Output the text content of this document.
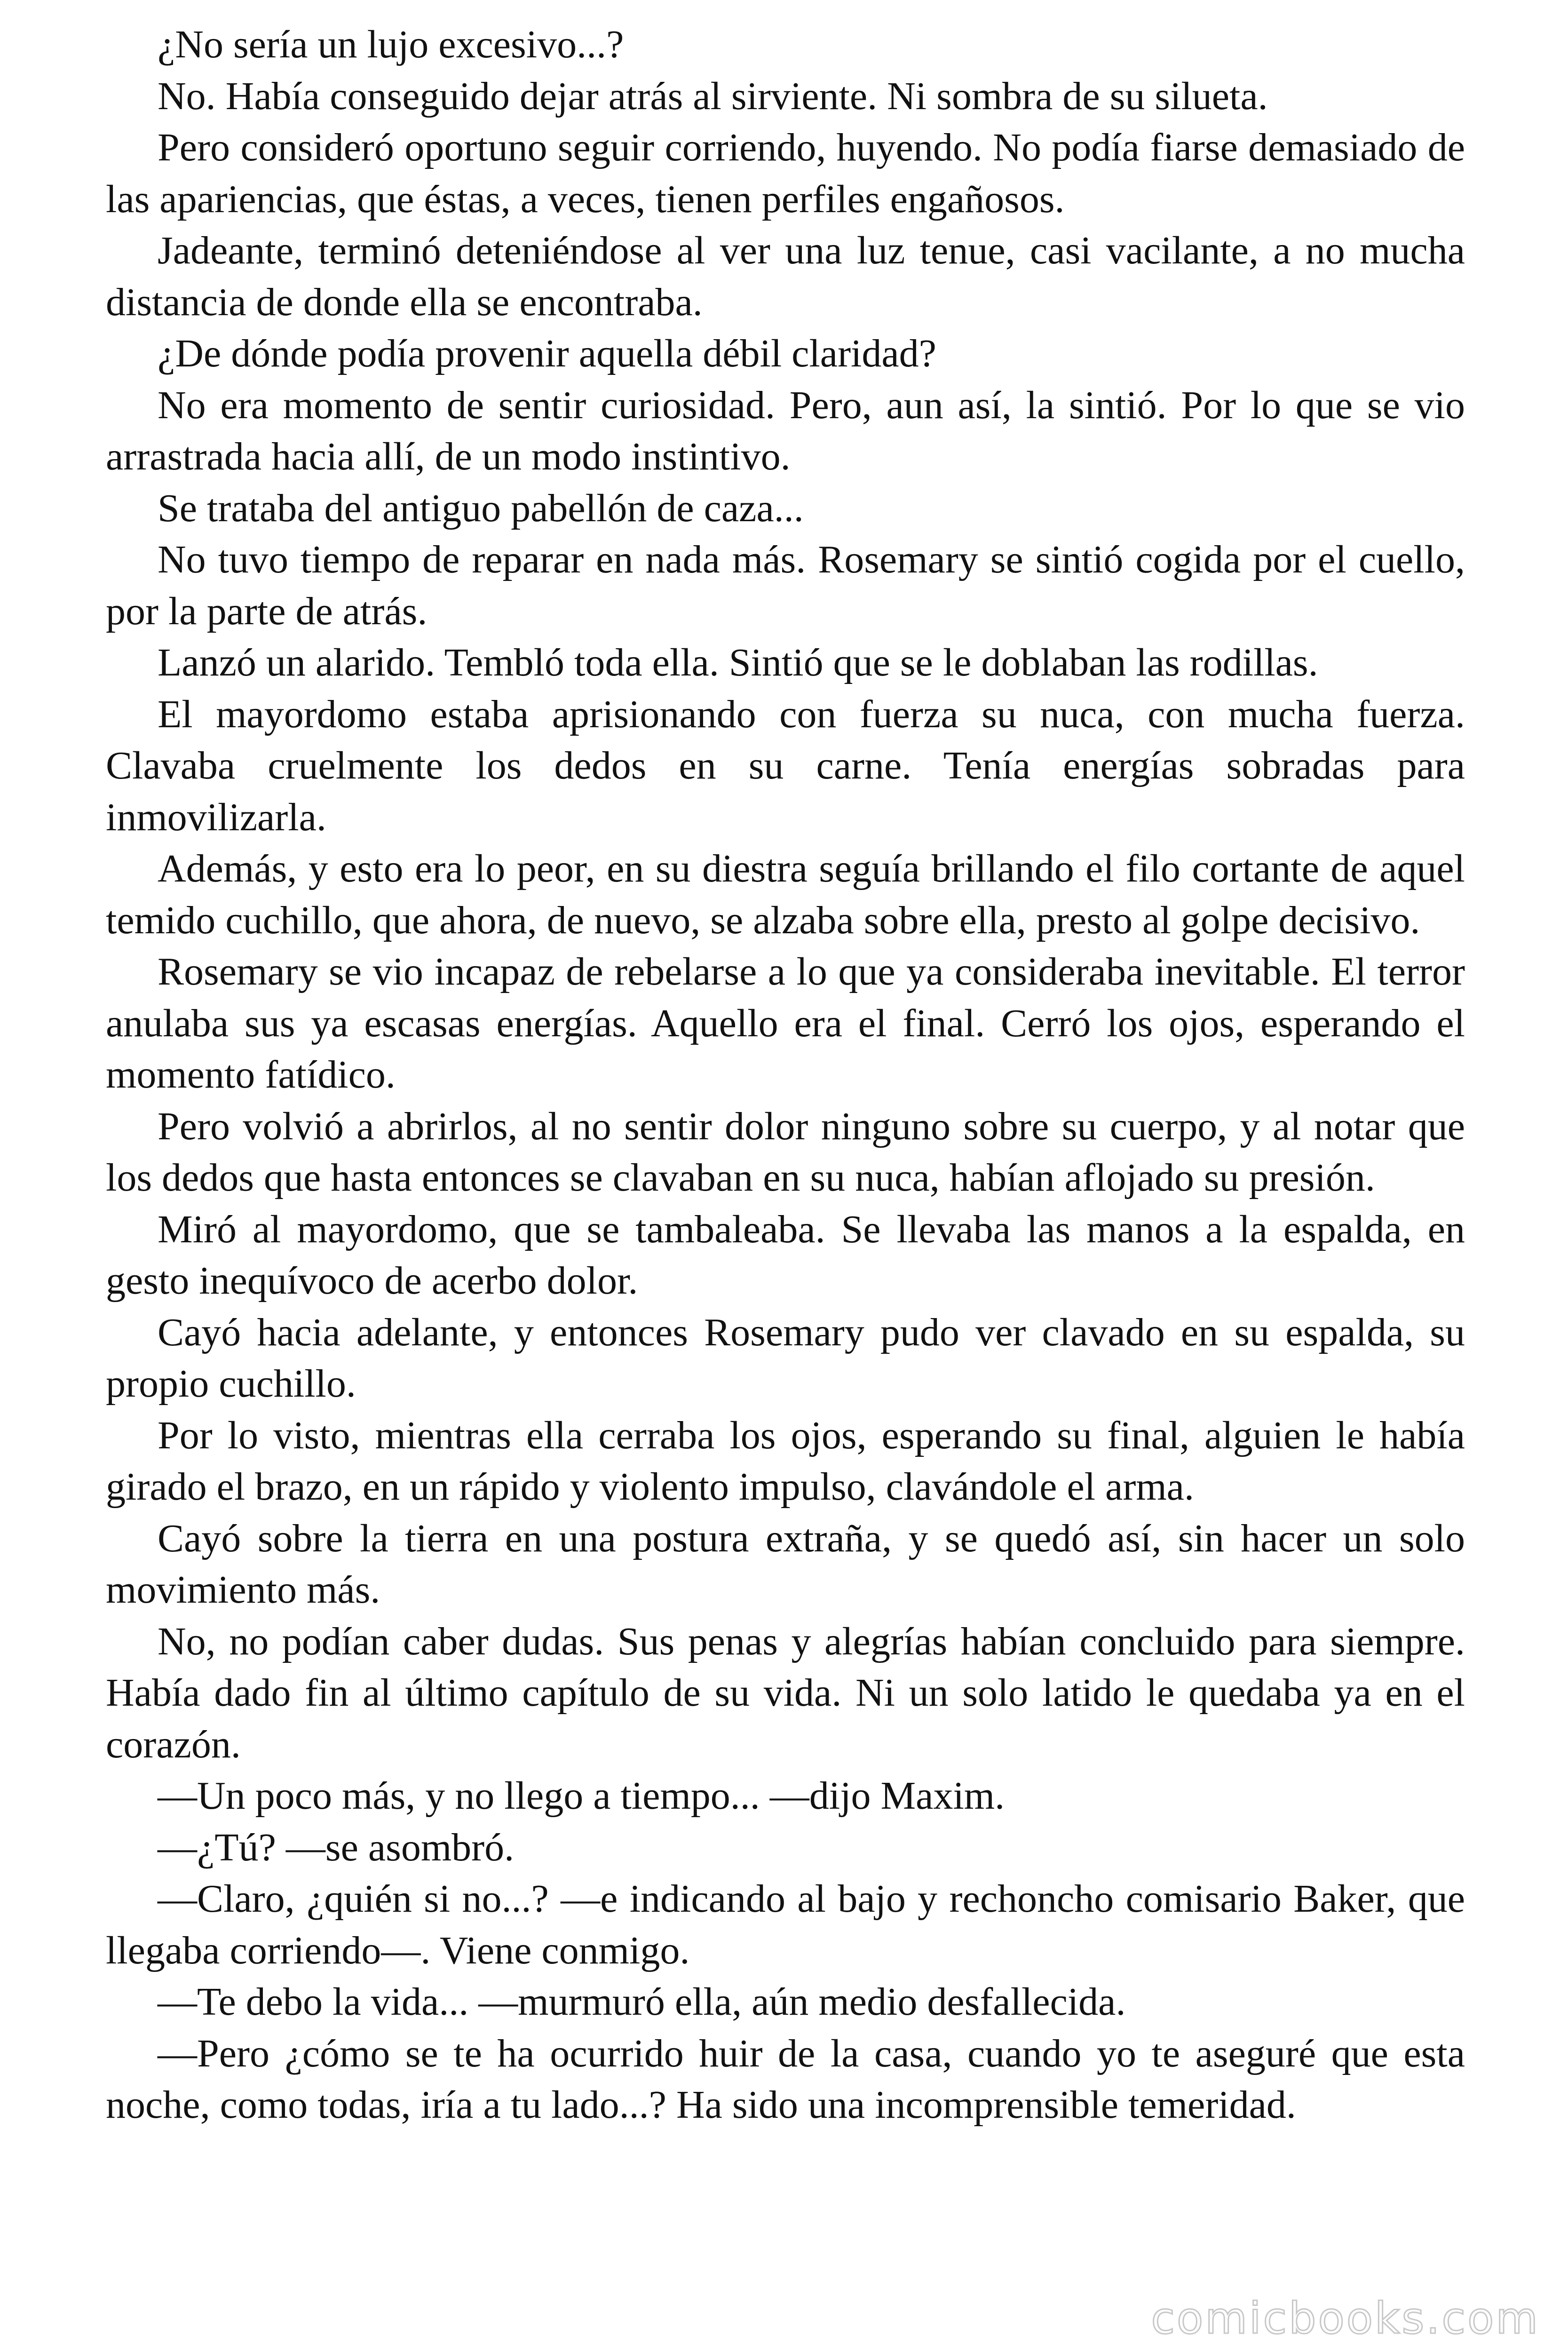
¿No sería un lujo excesivo...?

No. Había conseguido dejar atrás al sirviente. Ni sombra de su silueta.

Pero consideró oportuno seguir corriendo, huyendo. No podía fiarse demasiado de las apariencias, que éstas, a veces, tienen perfiles engañosos.

Jadeante, terminó deteniéndose al ver una luz tenue, casi vacilante, a no mucha distancia de donde ella se encontraba.

¿De dónde podía provenir aquella débil claridad?

No era momento de sentir curiosidad. Pero, aun así, la sintió. Por lo que se vio arrastrada hacia allí, de un modo instintivo.

Se trataba del antiguo pabellón de caza...

No tuvo tiempo de reparar en nada más. Rosemary se sintió cogida por el cuello, por la parte de atrás.

Lanzó un alarido. Tembló toda ella. Sintió que se le doblaban las rodillas.

El mayordomo estaba aprisionando con fuerza su nuca, con mucha fuerza. Clavaba cruelmente los dedos en su carne. Tenía energías sobradas para inmovilizarla.

Además, y esto era lo peor, en su diestra seguía brillando el filo cortante de aquel temido cuchillo, que ahora, de nuevo, se alzaba sobre ella, presto al golpe decisivo.

Rosemary se vio incapaz de rebelarse a lo que ya consideraba inevitable. El terror anulaba sus ya escasas energías. Aquello era el final. Cerró los ojos, esperando el momento fatídico.

Pero volvió a abrirlos, al no sentir dolor ninguno sobre su cuerpo, y al notar que los dedos que hasta entonces se clavaban en su nuca, habían aflojado su presión.

Miró al mayordomo, que se tambaleaba. Se llevaba las manos a la espalda, en gesto inequívoco de acerbo dolor.

Cayó hacia adelante, y entonces Rosemary pudo ver clavado en su espalda, su propio cuchillo.

Por lo visto, mientras ella cerraba los ojos, esperando su final, alguien le había girado el brazo, en un rápido y violento impulso, clavándole el arma.

Cayó sobre la tierra en una postura extraña, y se quedó así, sin hacer un solo movimiento más.

No, no podían caber dudas. Sus penas y alegrías habían concluido para siempre. Había dado fin al último capítulo de su vida. Ni un solo latido le quedaba ya en el corazón.

—Un poco más, y no llego a tiempo... —dijo Maxim.

—¿Tú? —se asombró.

—Claro, ¿quién si no...? —e indicando al bajo y rechoncho comisario Baker, que llegaba corriendo—. Viene conmigo.

—Te debo la vida... —murmuró ella, aún medio desfallecida.

—Pero ¿cómo se te ha ocurrido huir de la casa, cuando yo te aseguré que esta noche, como todas, iría a tu lado...? Ha sido una incomprensible temeridad.

comicbooks.com
